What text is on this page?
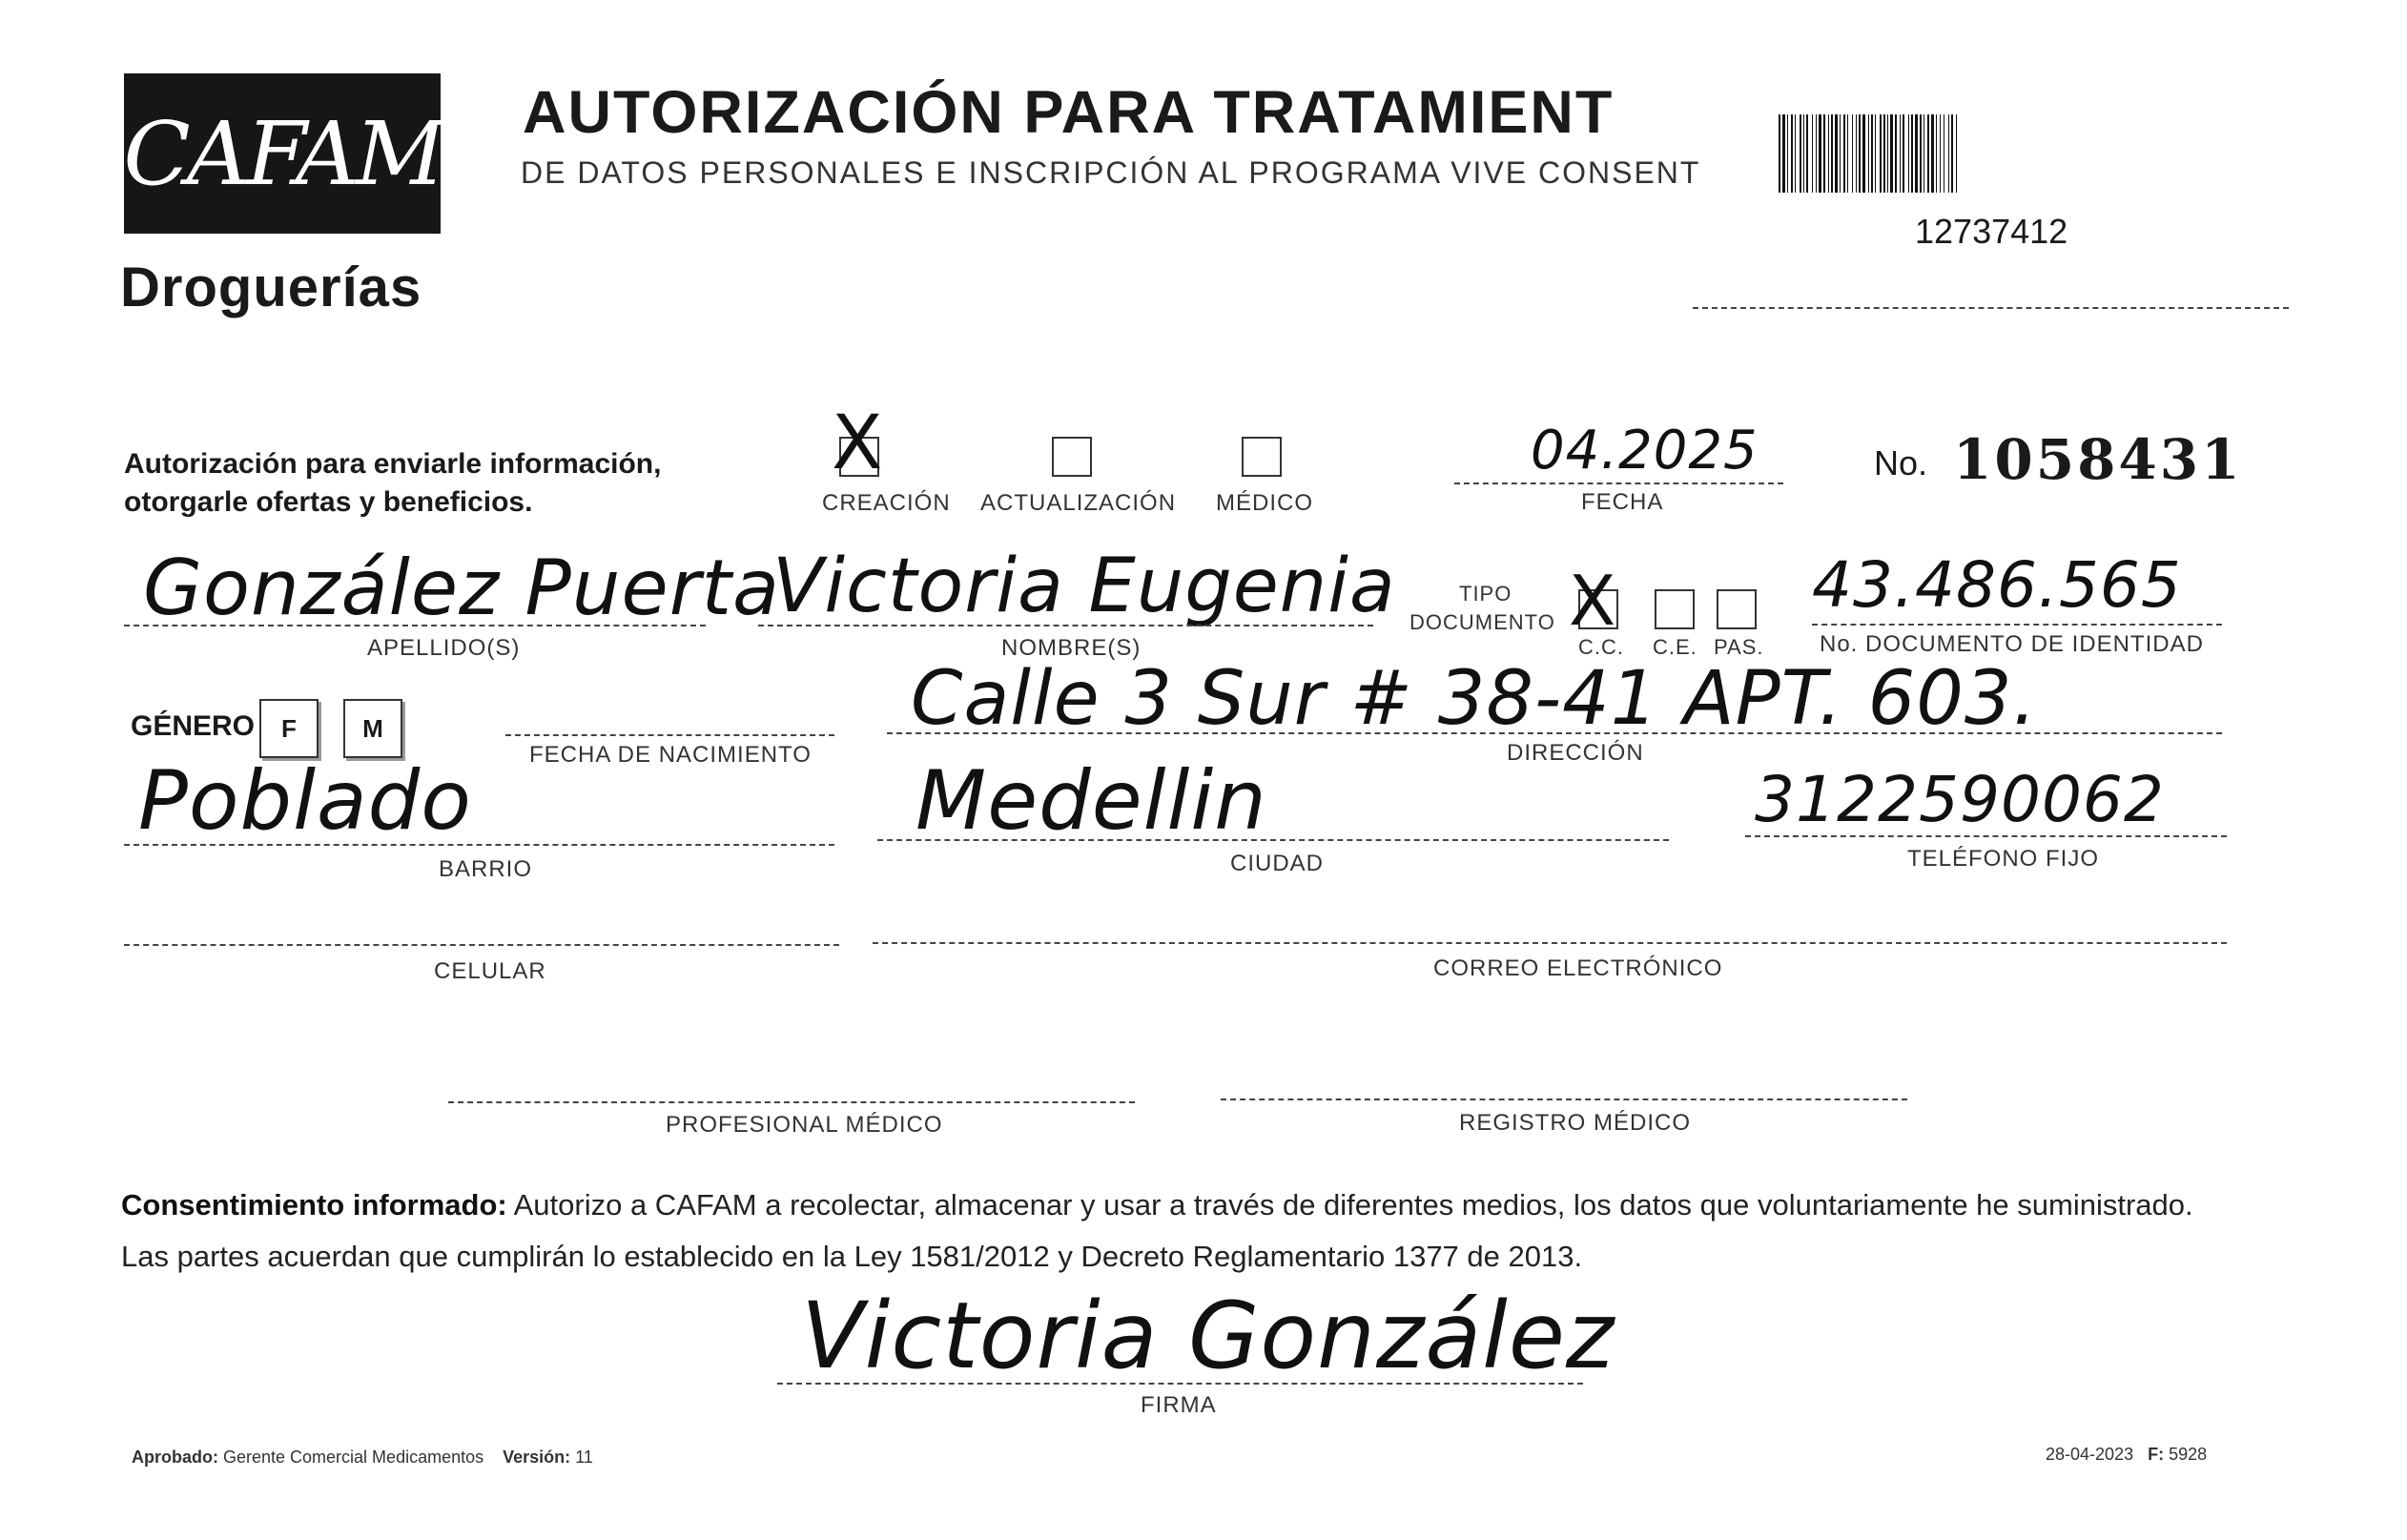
CAFAM
Droguerías
AUTORIZACIÓN PARA TRATAMIENT
DE DATOS PERSONALES E INSCRIPCIÓN AL PROGRAMA VIVE CONSENT
12737412
Autorización para enviarle información,
otorgarle ofertas y beneficios.
X
CREACIÓN ACTUALIZACIÓN MÉDICO
04.2025
FECHA
No. 1058431
González Puerta
APELLIDO(S)
Victoria Eugenia
NOMBRE(S)
TIPO
DOCUMENTO X
C.C. C.E. PAS.
43.486.565
No. DOCUMENTO DE IDENTIDAD
GÉNERO	F	M
FECHA DE NACIMIENTO
Calle 3 Sur # 38-41 APT. 603.
DIRECCIÓN
Poblado
BARRIO
Medellin
CIUDAD
3122590062
TELÉFONO FIJO
CELULAR	CORREO ELECTRÓNICO
PROFESIONAL MÉDICO	REGISTRO MÉDICO
Consentimiento informado: Autorizo a CAFAM a recolectar, almacenar y usar a través de diferentes medios, los datos que voluntariamente he suministrado.
Las partes acuerdan que cumplirán lo establecido en la Ley 1581/2012 y Decreto Reglamentario 1377 de 2013.
Victoria González
FIRMA
Aprobado: Gerente Comercial Medicamentos Versión: 11	28-04-2023 F: 5928
